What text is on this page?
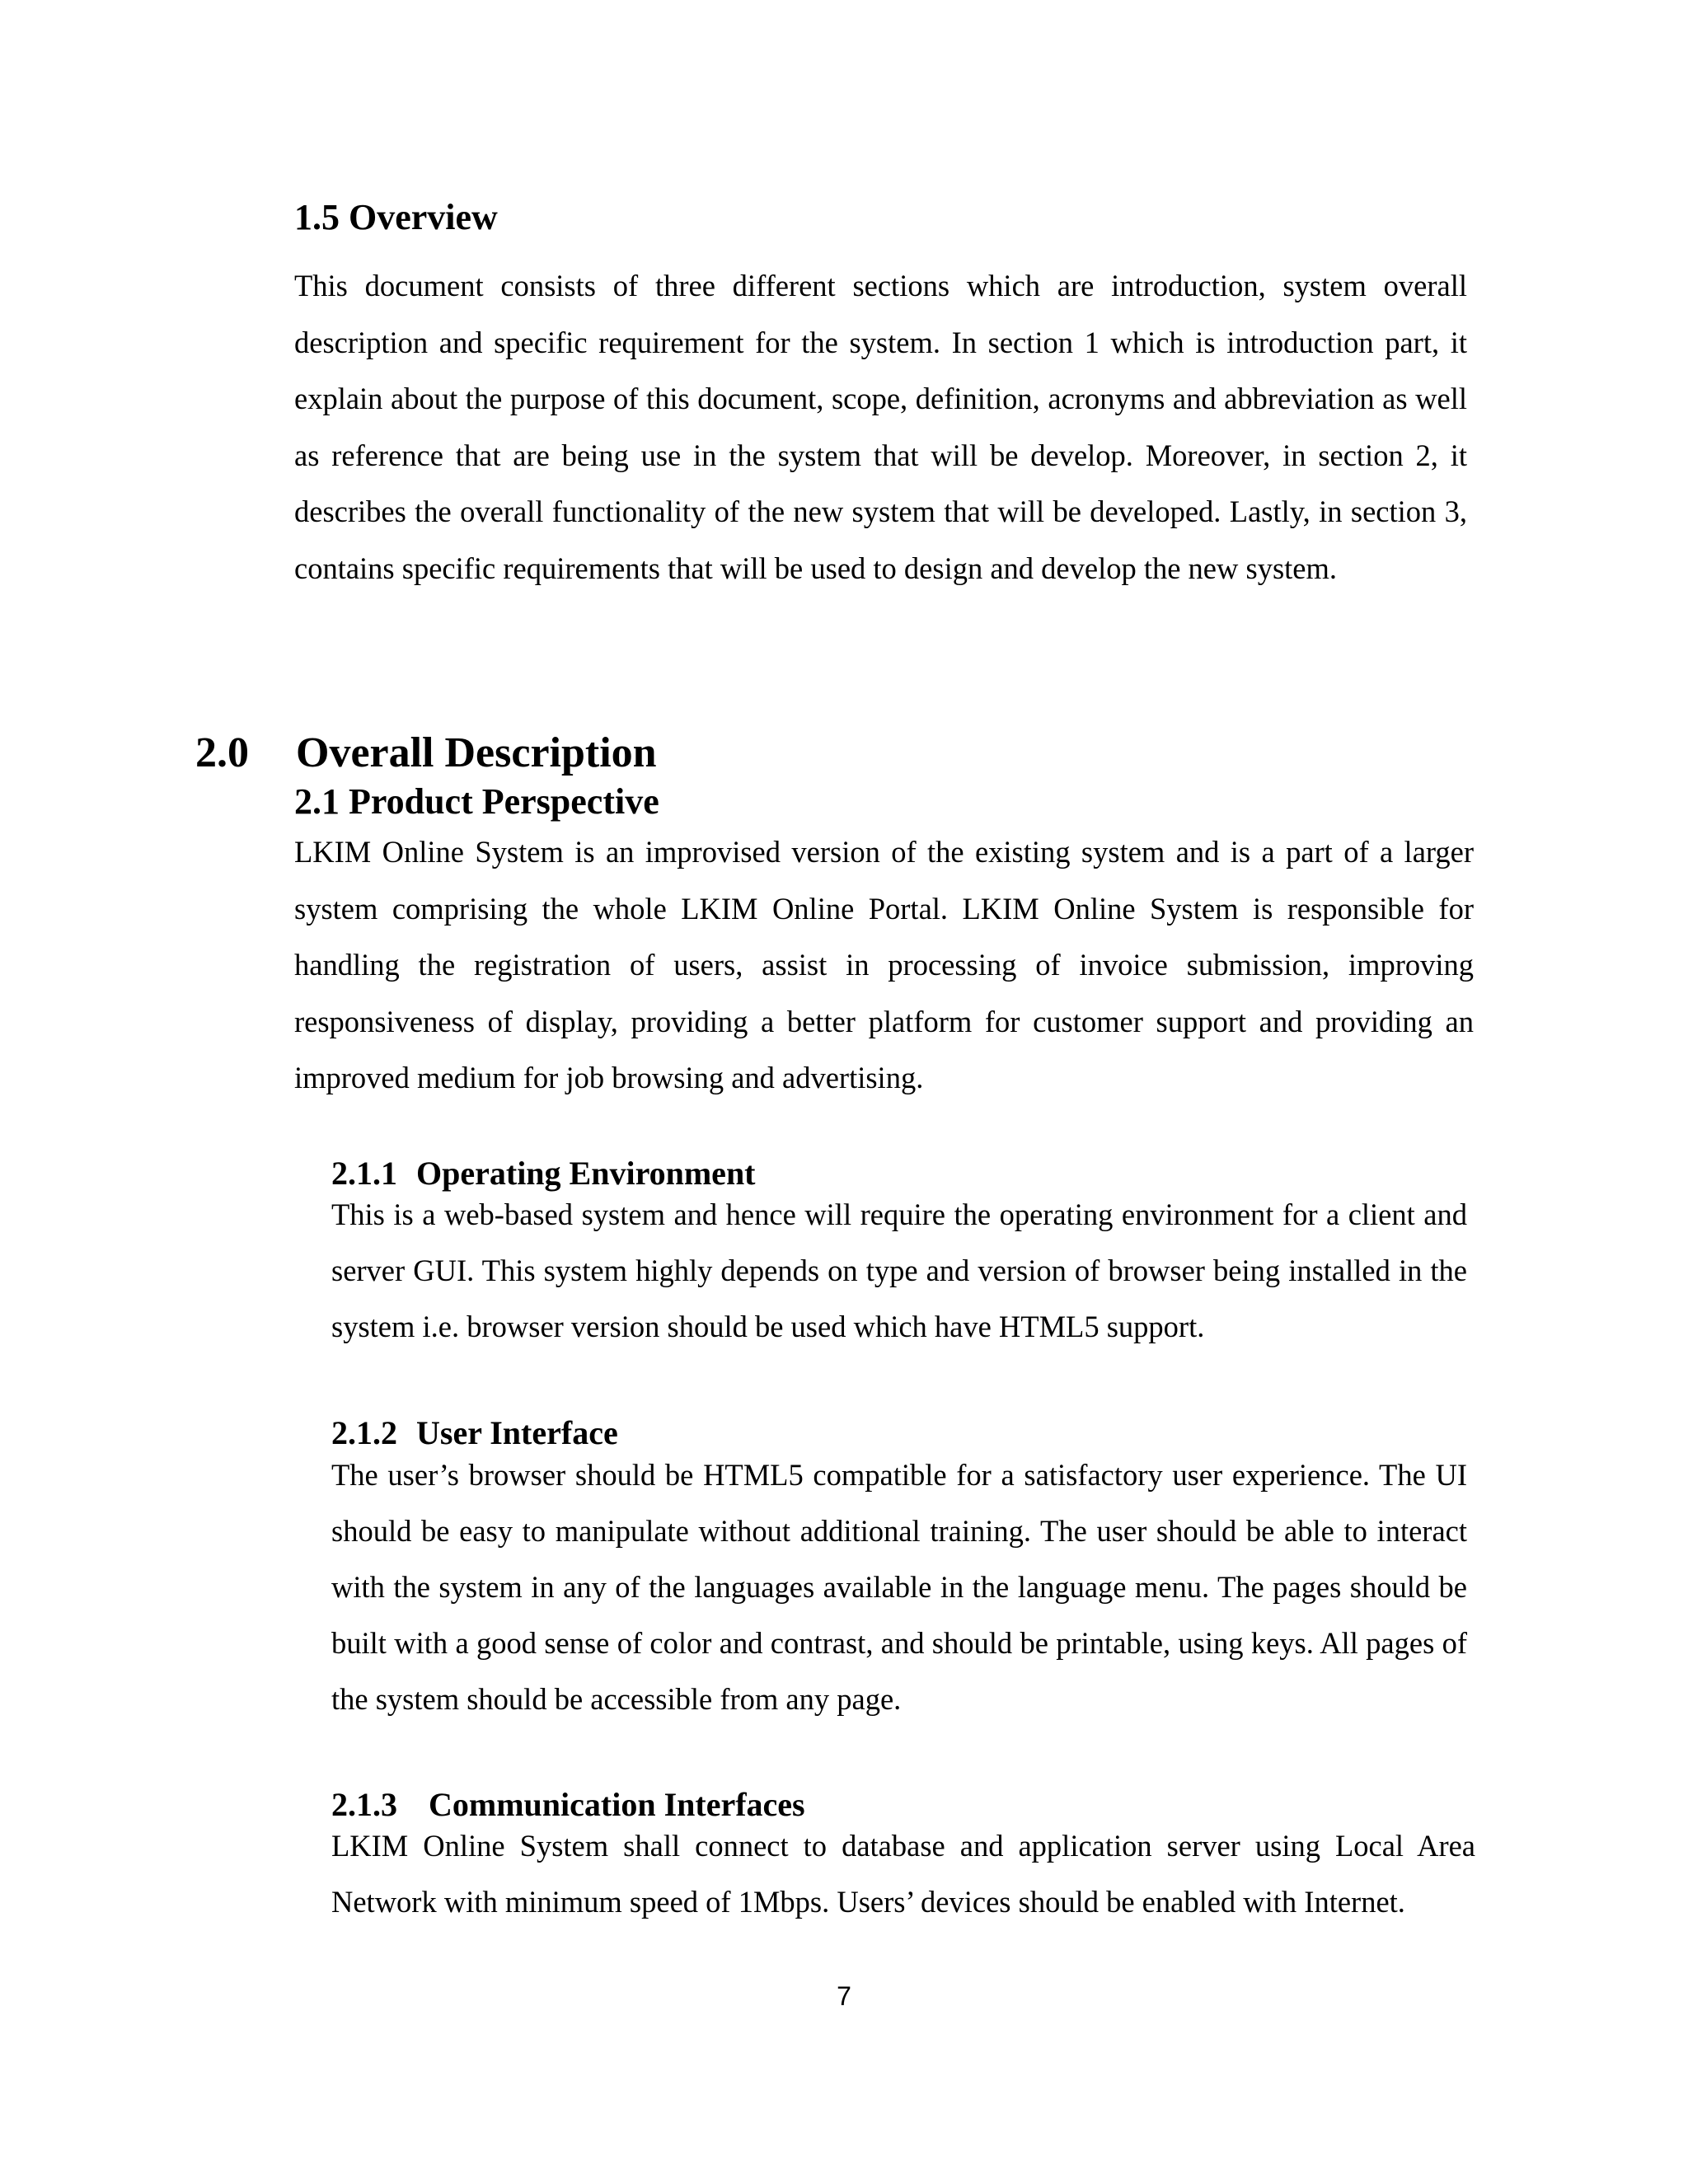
1.5 Overview

This document consists of three different sections which are introduction, system overall description and specific requirement for the system. In section 1 which is introduction part, it explain about the purpose of this document, scope, definition, acronyms and abbreviation as well as reference that are being use in the system that will be develop. Moreover, in section 2, it describes the overall functionality of the new system that will be developed. Lastly, in section 3, contains specific requirements that will be used to design and develop the new system.

2.0 Overall Description
2.1 Product Perspective

LKIM Online System is an improvised version of the existing system and is a part of a larger system comprising the whole LKIM Online Portal. LKIM Online System is responsible for handling the registration of users, assist in processing of invoice submission, improving responsiveness of display, providing a better platform for customer support and providing an improved medium for job browsing and advertising.

2.1.1 Operating Environment

This is a web-based system and hence will require the operating environment for a client and server GUI. This system highly depends on type and version of browser being installed in the system i.e. browser version should be used which have HTML5 support.

2.1.2 User Interface

The user’s browser should be HTML5 compatible for a satisfactory user experience. The UI should be easy to manipulate without additional training. The user should be able to interact with the system in any of the languages available in the language menu. The pages should be built with a good sense of color and contrast, and should be printable, using keys. All pages of the system should be accessible from any page.

2.1.3 Communication Interfaces

LKIM Online System shall connect to database and application server using Local Area Network with minimum speed of 1Mbps. Users’ devices should be enabled with Internet.

7
